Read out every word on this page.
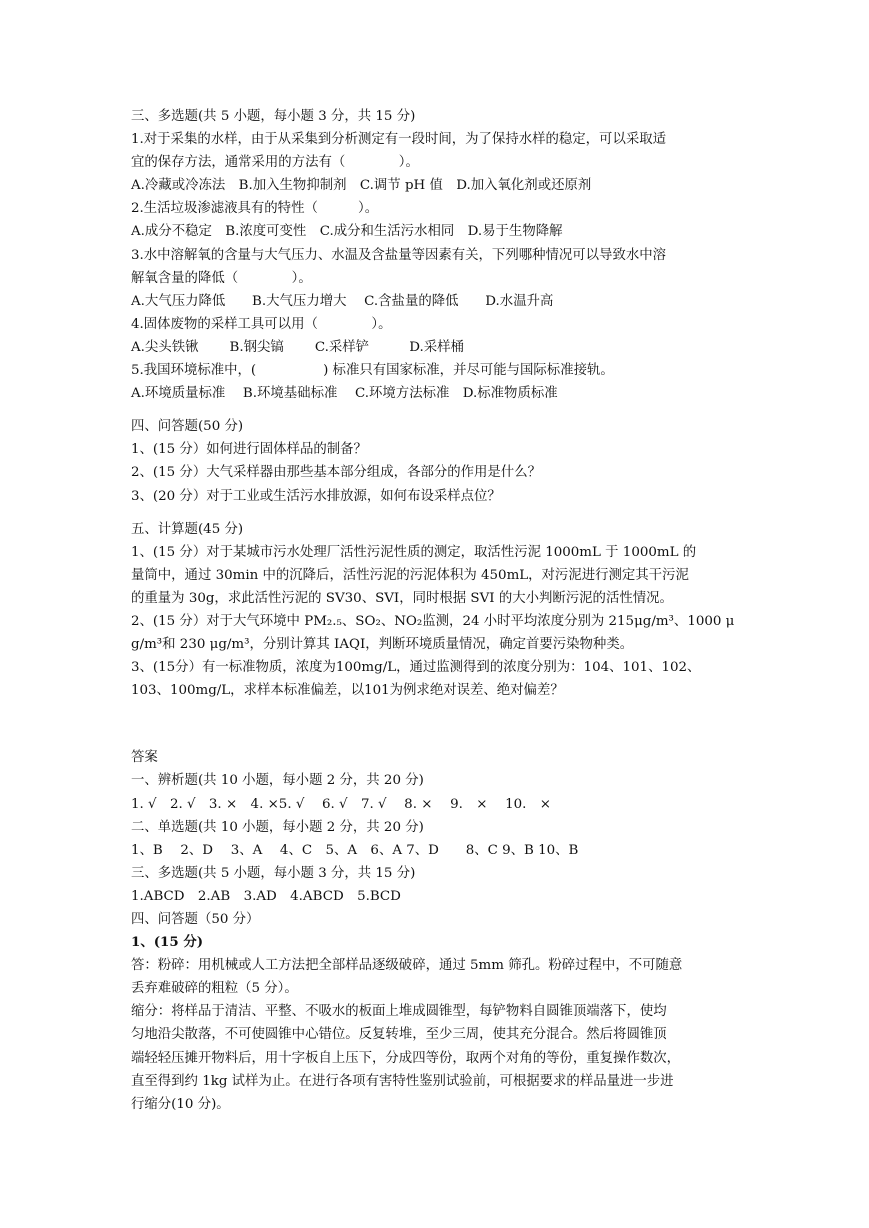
三、多选题(共 5 小题，每小题 3 分，共 15 分)
1.对于采集的水样，由于从采集到分析测定有一段时间，为了保持水样的稳定，可以采取适
宜的保存方法，通常采用的方法有（　　　　）。
A.冷藏或冷冻法　B.加入生物抑制剂　C.调节 pH 值　D.加入氧化剂或还原剂
2.生活垃圾渗滤液具有的特性（　　　）。
A.成分不稳定　B.浓度可变性　C.成分和生活污水相同　D.易于生物降解
3.水中溶解氧的含量与大气压力、水温及含盐量等因素有关，下列哪种情况可以导致水中溶
解氧含量的降低（　　　　）。
A.大气压力降低　　B.大气压力增大　 C.含盐量的降低　　D.水温升高
4.固体废物的采样工具可以用（　　　　）。
A.尖头铁锹　　 B.钢尖镐　　 C.采样铲　　　D.采样桶
5.我国环境标准中，(　　　　　) 标准只有国家标准，并尽可能与国际标准接轨。
A.环境质量标准　 B.环境基础标准　 C.环境方法标准　D.标准物质标准
四、问答题(50 分)
1、(15 分）如何进行固体样品的制备？
2、(15 分）大气采样器由那些基本部分组成，各部分的作用是什么？
3、(20 分）对于工业或生活污水排放源，如何布设采样点位？
五、计算题(45 分)
1、(15 分）对于某城市污水处理厂活性污泥性质的测定，取活性污泥 1000mL 于 1000mL 的
量筒中，通过 30min 中的沉降后，活性污泥的污泥体积为 450mL，对污泥进行测定其干污泥
的重量为 30g，求此活性污泥的 SV30、SVI，同时根据 SVI 的大小判断污泥的活性情况。
2、(15 分）对于大气环境中 PM₂.₅、SO₂、NO₂监测，24 小时平均浓度分别为 215μg/m³、1000 μ
g/m³和 230 μg/m³，分别计算其 IAQI，判断环境质量情况，确定首要污染物种类。
3、(15分）有一标准物质，浓度为100mg/L，通过监测得到的浓度分别为：104、101、102、
103、100mg/L，求样本标准偏差，以101为例求绝对误差、绝对偏差？
答案
一、辨析题(共 10 小题，每小题 2 分，共 20 分)
1. √　2. √　3. ×　4. ×5. √　 6. √　7. √　 8. ×　 9.　×　 10.　×
二、单选题(共 10 小题，每小题 2 分，共 20 分)
1、B　 2、D　 3、A　 4、C　5、A　6、A 7、D　　8、C 9、B 10、B
三、多选题(共 5 小题，每小题 3 分，共 15 分)
1.ABCD　2.AB　3.AD　4.ABCD　5.BCD
四、问答题（50 分）
1、(15 分)
答：粉碎：用机械或人工方法把全部样品逐级破碎，通过 5mm 筛孔。粉碎过程中，不可随意
丢弃难破碎的粗粒（5 分）。
缩分：将样品于清洁、平整、不吸水的板面上堆成圆锥型，每铲物料自圆锥顶端落下，使均
匀地沿尖散落，不可使圆锥中心错位。反复转堆，至少三周，使其充分混合。然后将圆锥顶
端轻轻压摊开物料后，用十字板自上压下，分成四等份，取两个对角的等份，重复操作数次，
直至得到约 1kg 试样为止。在进行各项有害特性鉴别试验前，可根据要求的样品量进一步进
行缩分(10 分)。
